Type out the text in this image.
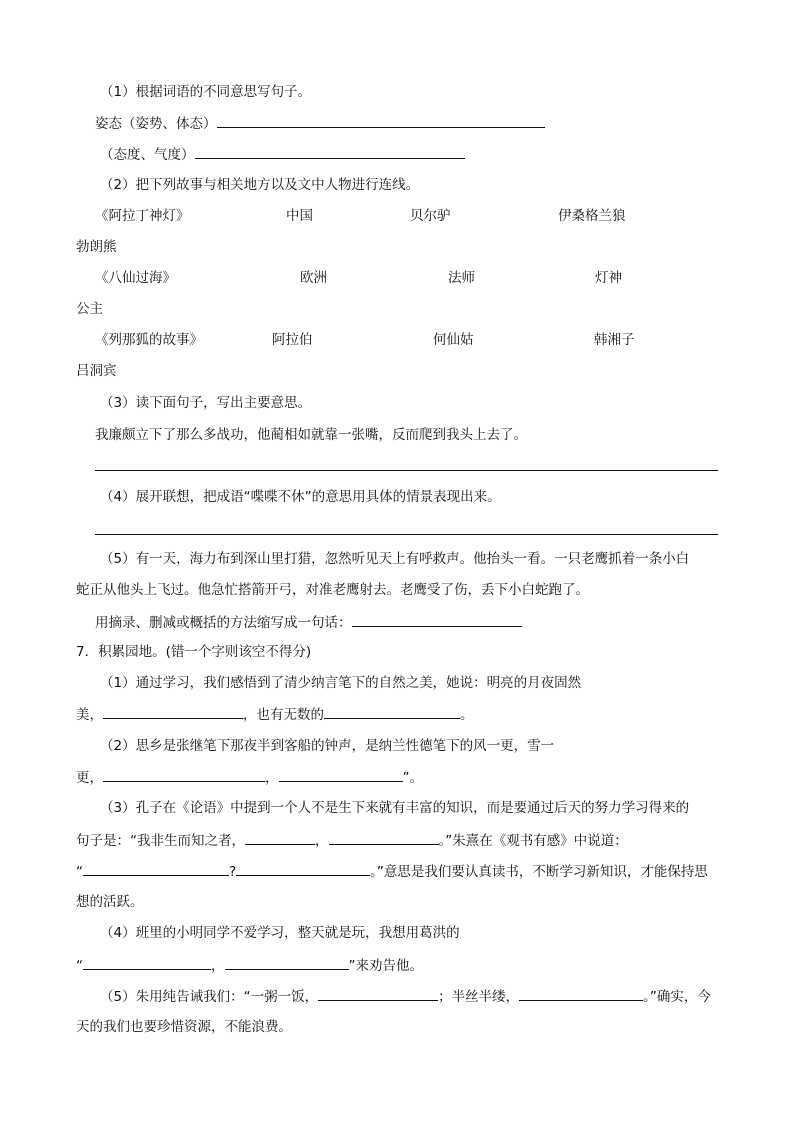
（1）根据词语的不同意思写句子。
姿态（姿势、体态）
（态度、气度）
（2）把下列故事与相关地方以及文中人物进行连线。
《阿拉丁神灯》	中国	贝尔驴	伊桑格兰狼
勃朗熊
《八仙过海》	欧洲	法师	灯神
公主
《列那狐的故事》	阿拉伯	何仙姑	韩湘子
吕洞宾
（3）读下面句子，写出主要意思。
我廉颇立下了那么多战功，他蔺相如就靠一张嘴，反而爬到我头上去了。
（4）展开联想，把成语“喋喋不休”的意思用具体的情景表现出来。
（5）有一天，海力布到深山里打猎，忽然听见天上有呼救声。他抬头一看。一只老鹰抓着一条小白
蛇正从他头上飞过。他急忙搭箭开弓，对准老鹰射去。老鹰受了伤，丢下小白蛇跑了。
用摘录、删减或概括的方法缩写成一句话：
7．积累园地。(错一个字则该空不得分)
（1）通过学习，我们感悟到了清少纳言笔下的自然之美，她说：明亮的月夜固然
美，	，也有无数的	。
（2）思乡是张继笔下那夜半到客船的钟声，是纳兰性德笔下的风一更，雪一
更，	，	”。
（3）孔子在《论语》中提到一个人不是生下来就有丰富的知识，而是要通过后天的努力学习得来的
句子是：“我非生而知之者，	，	。”朱熹在《观书有感》中说道：
“	?	。”意思是我们要认真读书，不断学习新知识，才能保持思
想的活跃。
（4）班里的小明同学不爱学习，整天就是玩，我想用葛洪的
“	，	”来劝告他。
（5）朱用纯告诫我们：“一粥一饭，	；半丝半缕，	。”确实，今
天的我们也要珍惜资源，不能浪费。
